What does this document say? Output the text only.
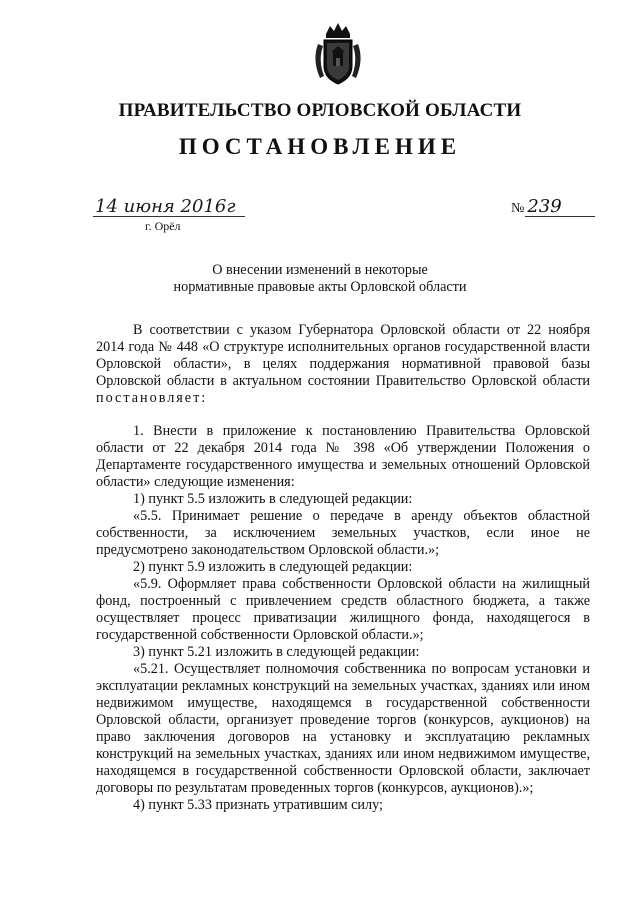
ПРАВИТЕЛЬСТВО ОРЛОВСКОЙ ОБЛАСТИ
ПОСТАНОВЛЕНИЕ
14 июня 2016г
г. Орёл
№ 239
О внесении изменений в некоторые
нормативные правовые акты Орловской области

В соответствии с указом Губернатора Орловской области от 22 ноября 2014 года № 448 «О структуре исполнительных органов государственной власти Орловской области», в целях поддержания нормативной правовой базы Орловской области в актуальном состоянии Правительство Орловской области постановляет:

1. Внести в приложение к постановлению Правительства Орловской области от 22 декабря 2014 года № 398 «Об утверждении Положения о Департаменте государственного имущества и земельных отношений Орловской области» следующие изменения:

1) пункт 5.5 изложить в следующей редакции:

«5.5. Принимает решение о передаче в аренду объектов областной собственности, за исключением земельных участков, если иное не предусмотрено законодательством Орловской области.»;

2) пункт 5.9 изложить в следующей редакции:

«5.9. Оформляет права собственности Орловской области на жилищный фонд, построенный с привлечением средств областного бюджета, а также осуществляет процесс приватизации жилищного фонда, находящегося в государственной собственности Орловской области.»;

3) пункт 5.21 изложить в следующей редакции:

«5.21. Осуществляет полномочия собственника по вопросам установки и эксплуатации рекламных конструкций на земельных участках, зданиях или ином недвижимом имуществе, находящемся в государственной собственности Орловской области, организует проведение торгов (конкурсов, аукционов) на право заключения договоров на установку и эксплуатацию рекламных конструкций на земельных участках, зданиях или ином недвижимом имуществе, находящемся в государственной собственности Орловской области, заключает договоры по результатам проведенных торгов (конкурсов, аукционов).»;

4) пункт 5.33 признать утратившим силу;
